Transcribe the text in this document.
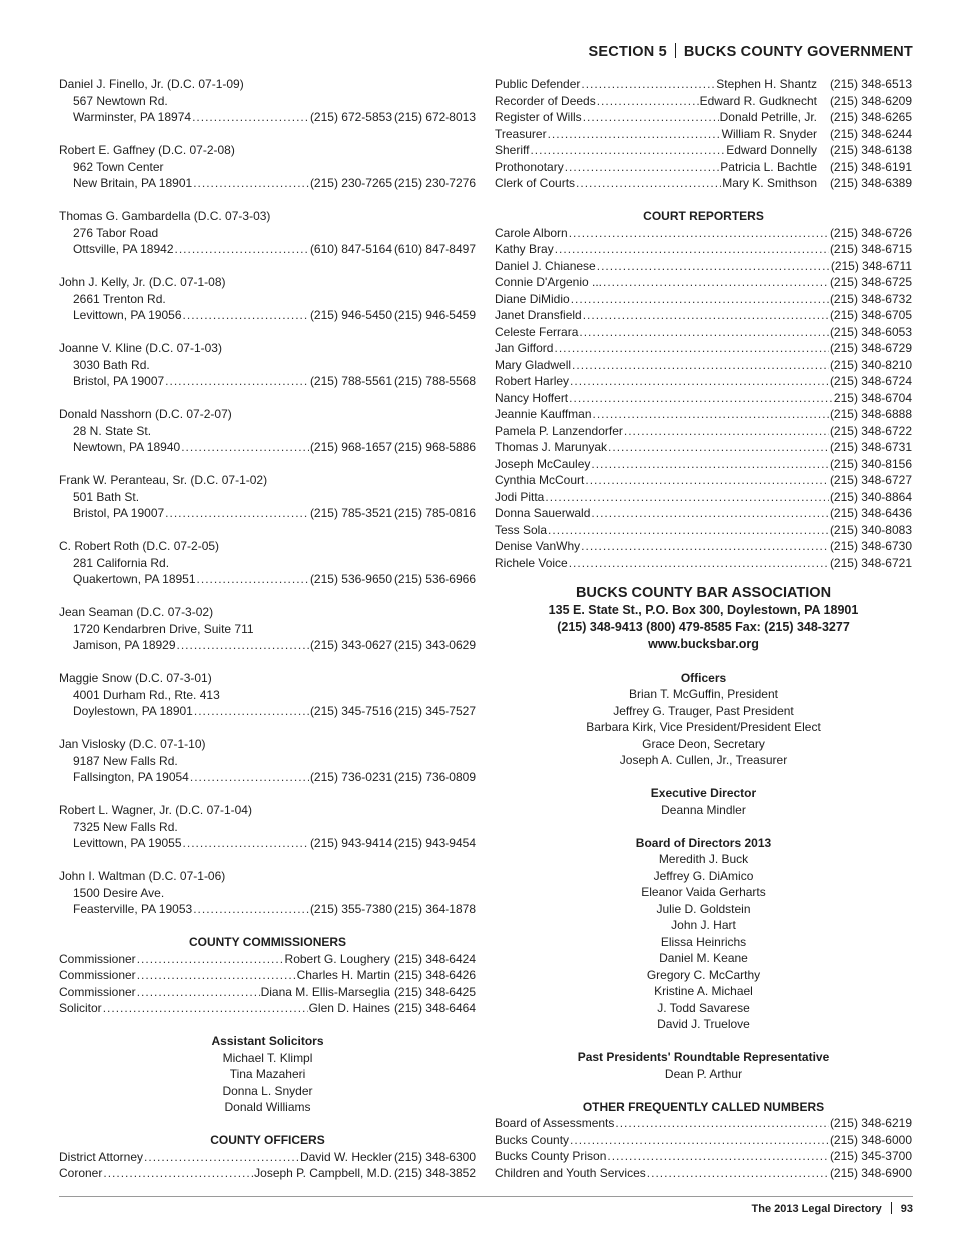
SECTION 5 BUCKS COUNTY GOVERNMENT
Daniel J. Finello, Jr. (D.C. 07-1-09)
567 Newtown Rd.
Warminster, PA 18974 .....	(215) 672-5853 (215) 672-8013
Robert E. Gaffney (D.C. 07-2-08)
962 Town Center
New Britain, PA 18901 .....	(215) 230-7265 (215) 230-7276
Thomas G. Gambardella (D.C. 07-3-03)
276 Tabor Road
Ottsville, PA 18942 .....	(610) 847-5164 (610) 847-8497
John J. Kelly, Jr. (D.C. 07-1-08)
2661 Trenton Rd.
Levittown, PA 19056 .....	(215) 946-5450 (215) 946-5459
Joanne V. Kline (D.C. 07-1-03)
3030 Bath Rd.
Bristol, PA 19007 .....	(215) 788-5561 (215) 788-5568
Donald Nasshorn (D.C. 07-2-07)
28 N. State St.
Newtown, PA 18940 .....	(215) 968-1657 (215) 968-5886
Frank W. Peranteau, Sr. (D.C. 07-1-02)
501 Bath St.
Bristol, PA 19007 .....	(215) 785-3521 (215) 785-0816
C. Robert Roth (D.C. 07-2-05)
281 California Rd.
Quakertown, PA 18951 .....	(215) 536-9650 (215) 536-6966
Jean Seaman (D.C. 07-3-02)
1720 Kendarbren Drive, Suite 711
Jamison, PA 18929 .....	(215) 343-0627 (215) 343-0629
Maggie Snow (D.C. 07-3-01)
4001 Durham Rd., Rte. 413
Doylestown, PA 18901 .....	(215) 345-7516 (215) 345-7527
Jan Vislosky (D.C. 07-1-10)
9187 New Falls Rd.
Fallsington, PA 19054 .....	(215) 736-0231 (215) 736-0809
Robert L. Wagner, Jr. (D.C. 07-1-04)
7325 New Falls Rd.
Levittown, PA 19055 .....	(215) 943-9414 (215) 943-9454
John I. Waltman (D.C. 07-1-06)
1500 Desire Ave.
Feasterville, PA 19053 .....	(215) 355-7380 (215) 364-1878
COUNTY COMMISSIONERS
Commissioner .....	Robert G. Loughery (215) 348-6424
Commissioner .....	Charles H. Martin (215) 348-6426
Commissioner .....	Diana M. Ellis-Marseglia (215) 348-6425
Solicitor .....	Glen D. Haines (215) 348-6464
Assistant Solicitors
Michael T. Klimpl
Tina Mazaheri
Donna L. Snyder
Donald Williams
COUNTY OFFICERS
District Attorney .....	David W. Heckler (215) 348-6300
Coroner .....	Joseph P. Campbell, M.D. (215) 348-3852
Public Defender .....	Stephen H. Shantz	(215) 348-6513
Recorder of Deeds .....	Edward R. Gudknecht	(215) 348-6209
Register of Wills .....	Donald Petrille, Jr.	(215) 348-6265
Treasurer .....	William R. Snyder	(215) 348-6244
Sheriff .....	Edward Donnelly	(215) 348-6138
Prothonotary .....	Patricia L. Bachtle	(215) 348-6191
Clerk of Courts .....	Mary K. Smithson	(215) 348-6389
COURT REPORTERS
Carole Alborn .....	(215) 348-6726
Kathy Bray .....	(215) 348-6715
Daniel J. Chianese .....	(215) 348-6711
Connie D'Argenio ... .....	(215) 348-6725
Diane DiMidio .....	(215) 348-6732
Janet Dransfield .....	(215) 348-6705
Celeste Ferrara .....	(215) 348-6053
Jan Gifford .....	(215) 348-6729
Mary Gladwell .....	(215) 340-8210
Robert Harley .....	(215) 348-6724
Nancy Hoffert .....	215) 348-6704
Jeannie Kauffman .....	(215) 348-6888
Pamela P. Lanzendorfer .....	(215) 348-6722
Thomas J. Marunyak .....	(215) 348-6731
Joseph McCauley .....	(215) 340-8156
Cynthia McCourt .....	(215) 348-6727
Jodi Pitta .....	(215) 340-8864
Donna Sauerwald .....	(215) 348-6436
Tess Sola .....	(215) 340-8083
Denise VanWhy .....	(215) 348-6730
Richele Voice .....	(215) 348-6721
BUCKS COUNTY BAR ASSOCIATION
135 E. State St., P.O. Box 300, Doylestown, PA 18901
(215) 348-9413 (800) 479-8585 Fax: (215) 348-3277
www.bucksbar.org
Officers
Brian T. McGuffin, President
Jeffrey G. Trauger, Past President
Barbara Kirk, Vice President/President Elect
Grace Deon, Secretary
Joseph A. Cullen, Jr., Treasurer
Executive Director
Deanna Mindler
Board of Directors 2013
Meredith J. Buck
Jeffrey G. DiAmico
Eleanor Vaida Gerharts
Julie D. Goldstein
John J. Hart
Elissa Heinrichs
Daniel M. Keane
Gregory C. McCarthy
Kristine A. Michael
J. Todd Savarese
David J. Truelove
Past Presidents' Roundtable Representative
Dean P. Arthur
OTHER FREQUENTLY CALLED NUMBERS
Board of Assessments .....	(215) 348-6219
Bucks County .....	(215) 348-6000
Bucks County Prison .....	(215) 345-3700
Children and Youth Services .....	(215) 348-6900
The 2013 Legal Directory 93
